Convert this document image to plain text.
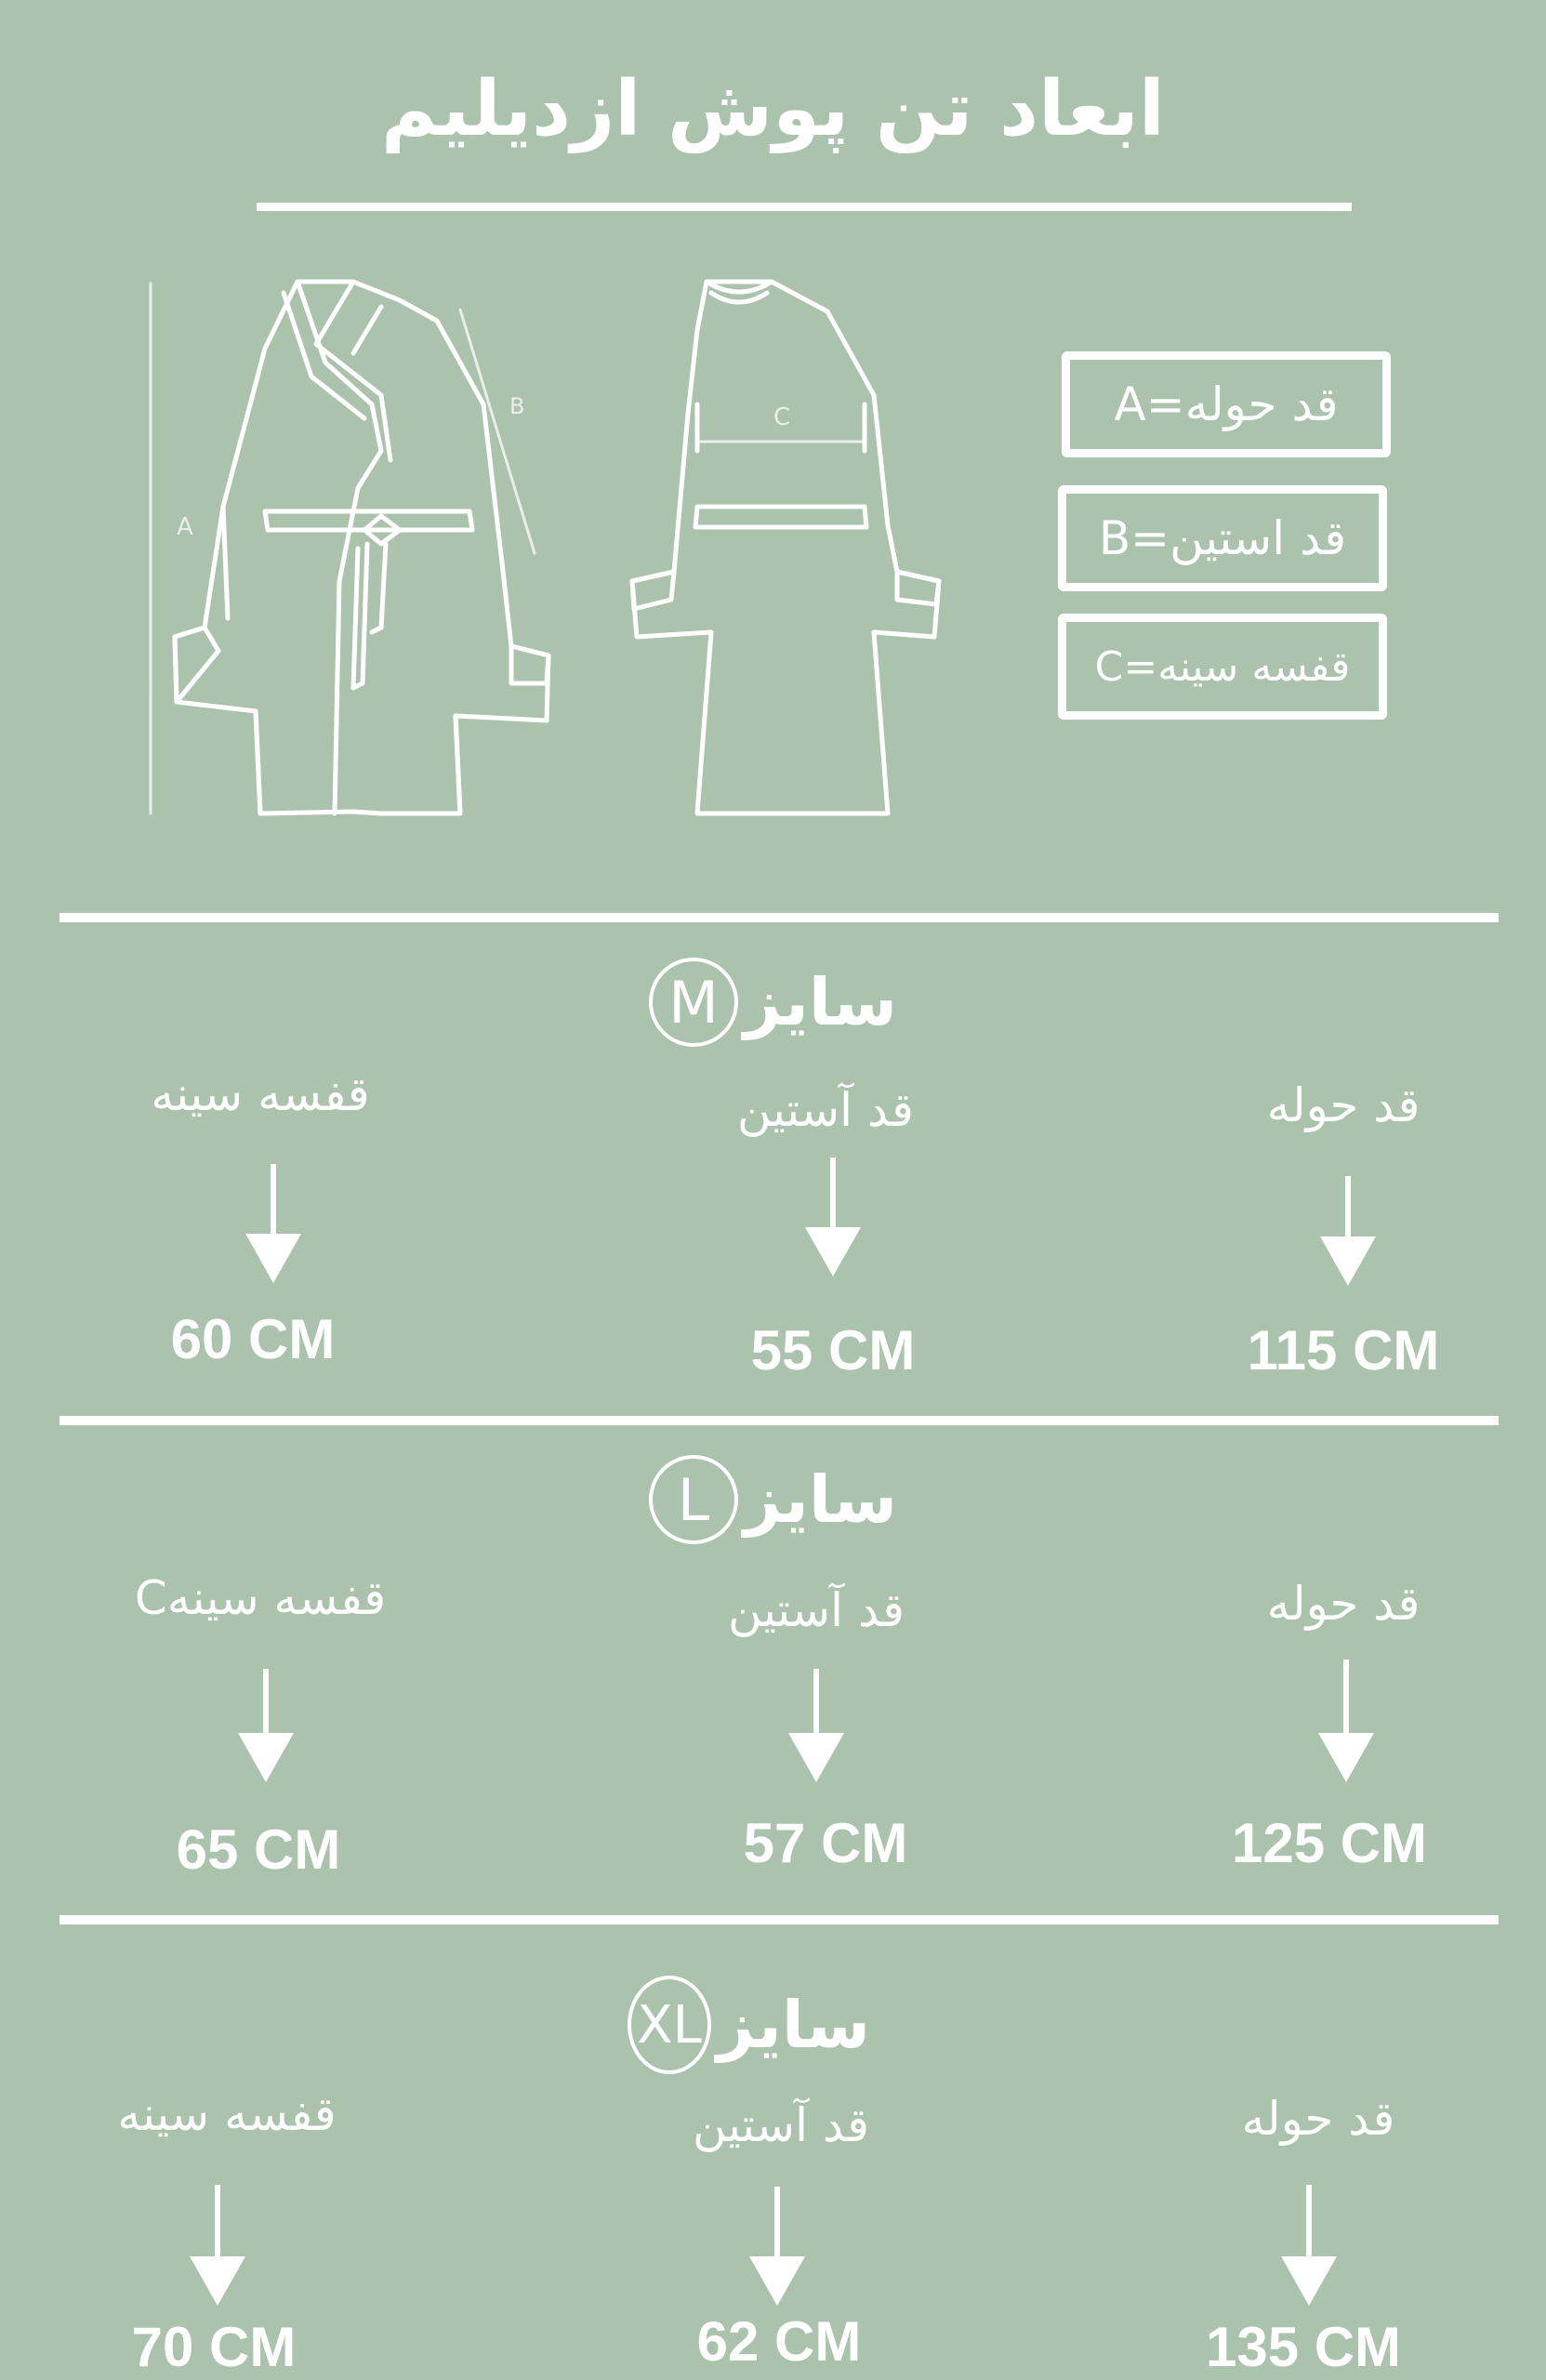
ابعاد تن پوش ازدیلیم
A
B	C	قد حوله=A
قد استین=B
قفسه سینه=C
M سایز
قد حوله
قد آستین
قفسه سینه
115 CM
55 CM
60 CM
L سایز
قد حوله
قد آستین
قفسه سینهC
125 CM
57 CM
65 CM
XL سایز
قد حوله
قد آستین
قفسه سینه
135 CM
62 CM
70 CM
